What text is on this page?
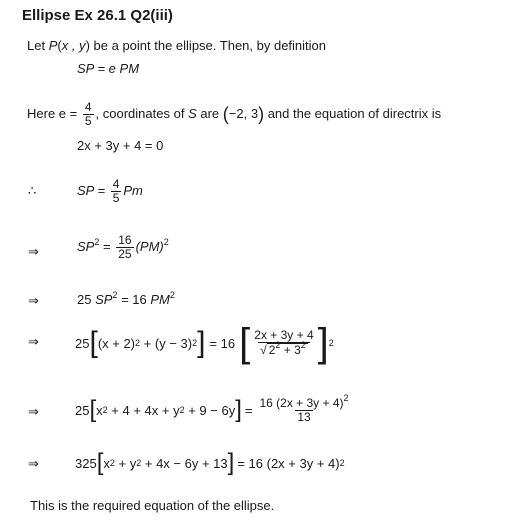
Ellipse Ex 26.1 Q2(iii)
Let P(x , y) be a point the ellipse. Then, by definition
SP = e PM
Here $e = \frac{4}{5}$ , coordinates of S are (−2, 3) and the equation of directrix is
2x + 3y + 4 = 0
∴	SP = $\frac{4}{5}$ Pm
⇒	$SP^2 = \frac{16}{25} (PM)^2$
⇒	25 $SP^2 = 16$ $PM^2$
⇒	25 [ (x + 2) 2
+
(y − 3) 2 ] = 16 [ $\frac{2x + 3y + 4}{√ 2^2 + 3^2}$ ] 2
⇒	25 [ x 2
+ 4 + 4x + y 2
+ 9 − 6y ] = $\frac{16 (2x + 3y + 4)^2}{13}$
⇒	325 [ x 2
+ y 2
+ 4x − 6y + 13 ] = 16
(2x + 3y + 4) 2
This is the required equation of the ellipse.
